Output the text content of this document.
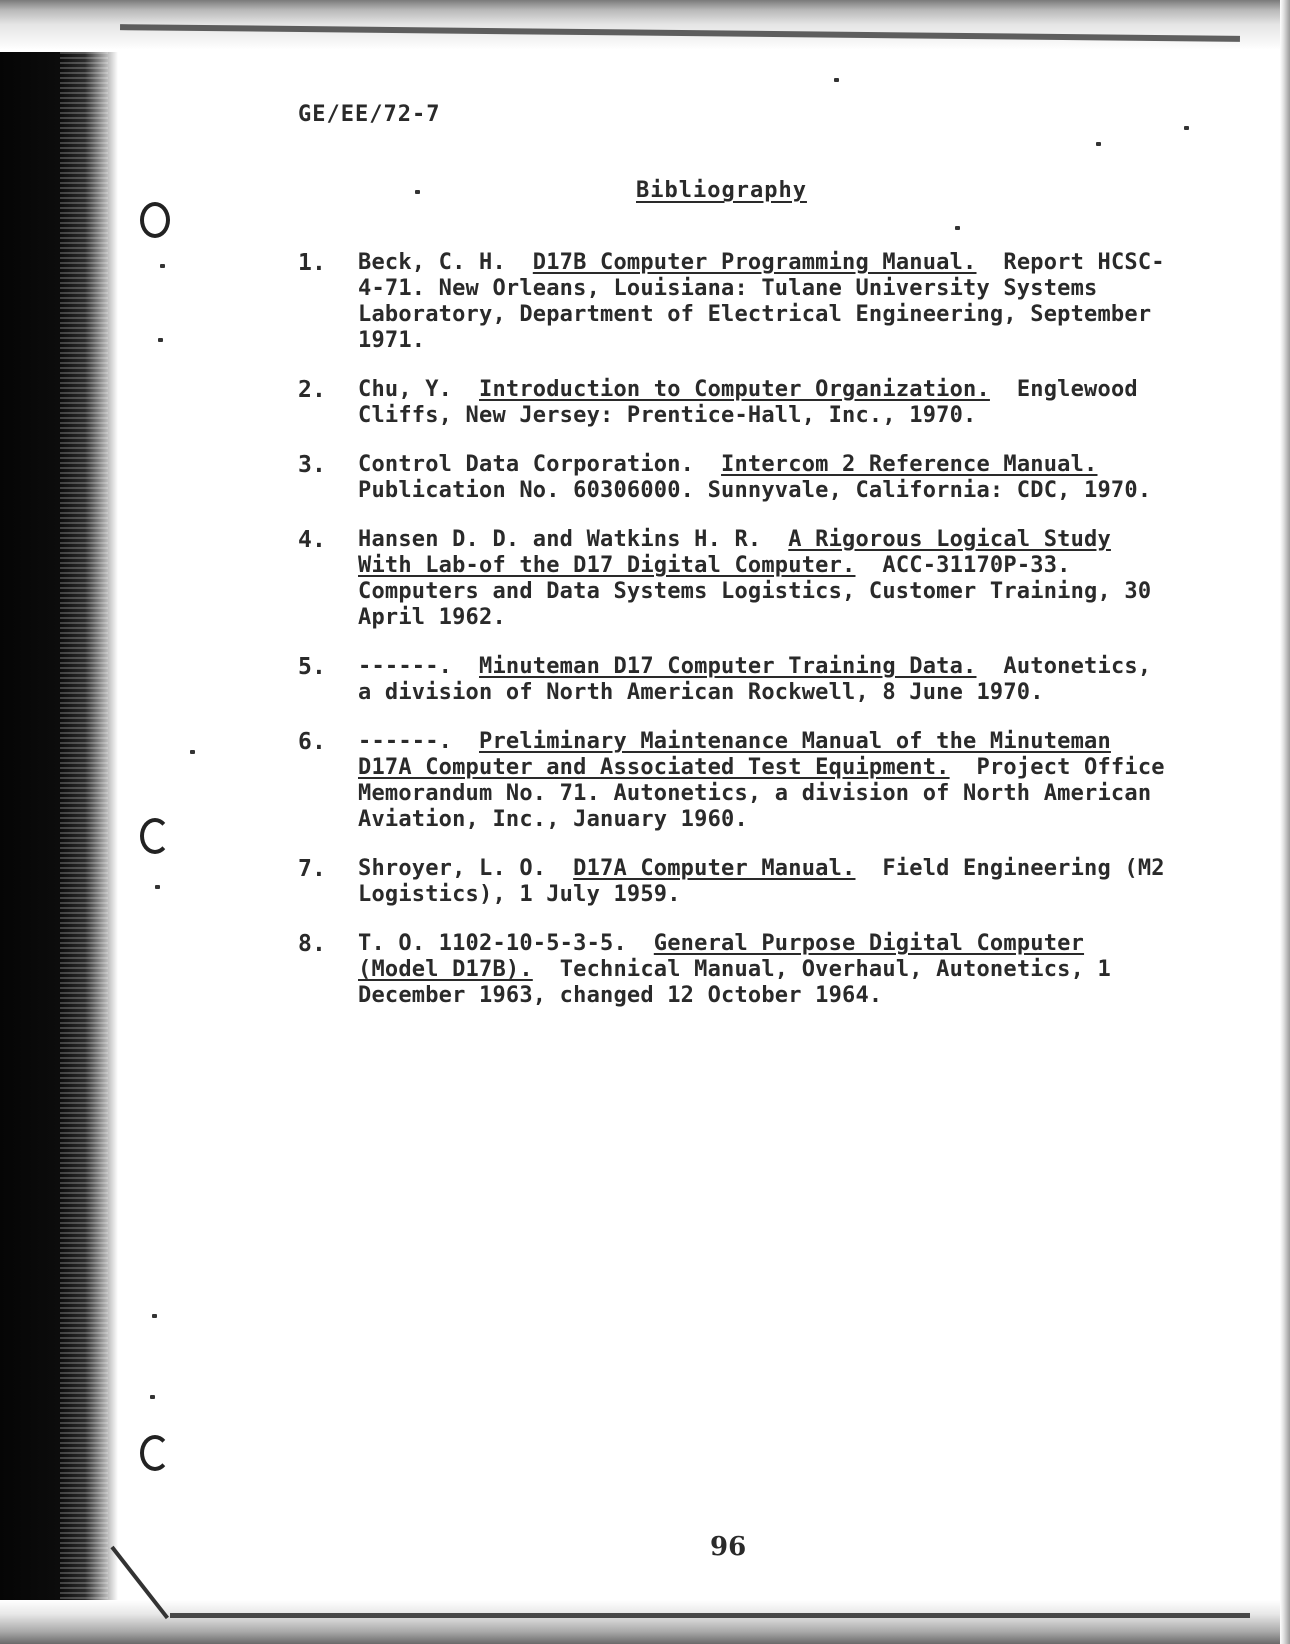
GE/EE/72-7
Bibliography
1. Beck, C. H. D17B Computer Programming Manual. Report HCSC-4-71. New Orleans, Louisiana: Tulane University Systems Laboratory, Department of Electrical Engineering, September 1971.
2. Chu, Y. Introduction to Computer Organization. Englewood Cliffs, New Jersey: Prentice-Hall, Inc., 1970.
3. Control Data Corporation. Intercom 2 Reference Manual.  Publication No. 60306000. Sunnyvale, California: CDC, 1970.
4. Hansen D. D. and Watkins H. R. A Rigorous Logical Study With Lab-of the D17 Digital Computer. ACC-31170P-33. Computers and Data Systems Logistics, Customer Training, 30 April 1962.
5. ------. Minuteman D17 Computer Training Data. Autonetics, a division of North American Rockwell, 8 June 1970.
6. ------. Preliminary Maintenance Manual of the Minuteman D17A Computer and Associated Test Equipment. Project Office Memorandum No. 71. Autonetics, a division of North American Aviation, Inc., January 1960.
7. Shroyer, L. O. D17A Computer Manual. Field Engineering (M2 Logistics), 1 July 1959.
8. T. O. 1102-10-5-3-5. General Purpose Digital Computer (Model D17B). Technical Manual, Overhaul, Autonetics, 1 December 1963, changed 12 October 1964.
96
